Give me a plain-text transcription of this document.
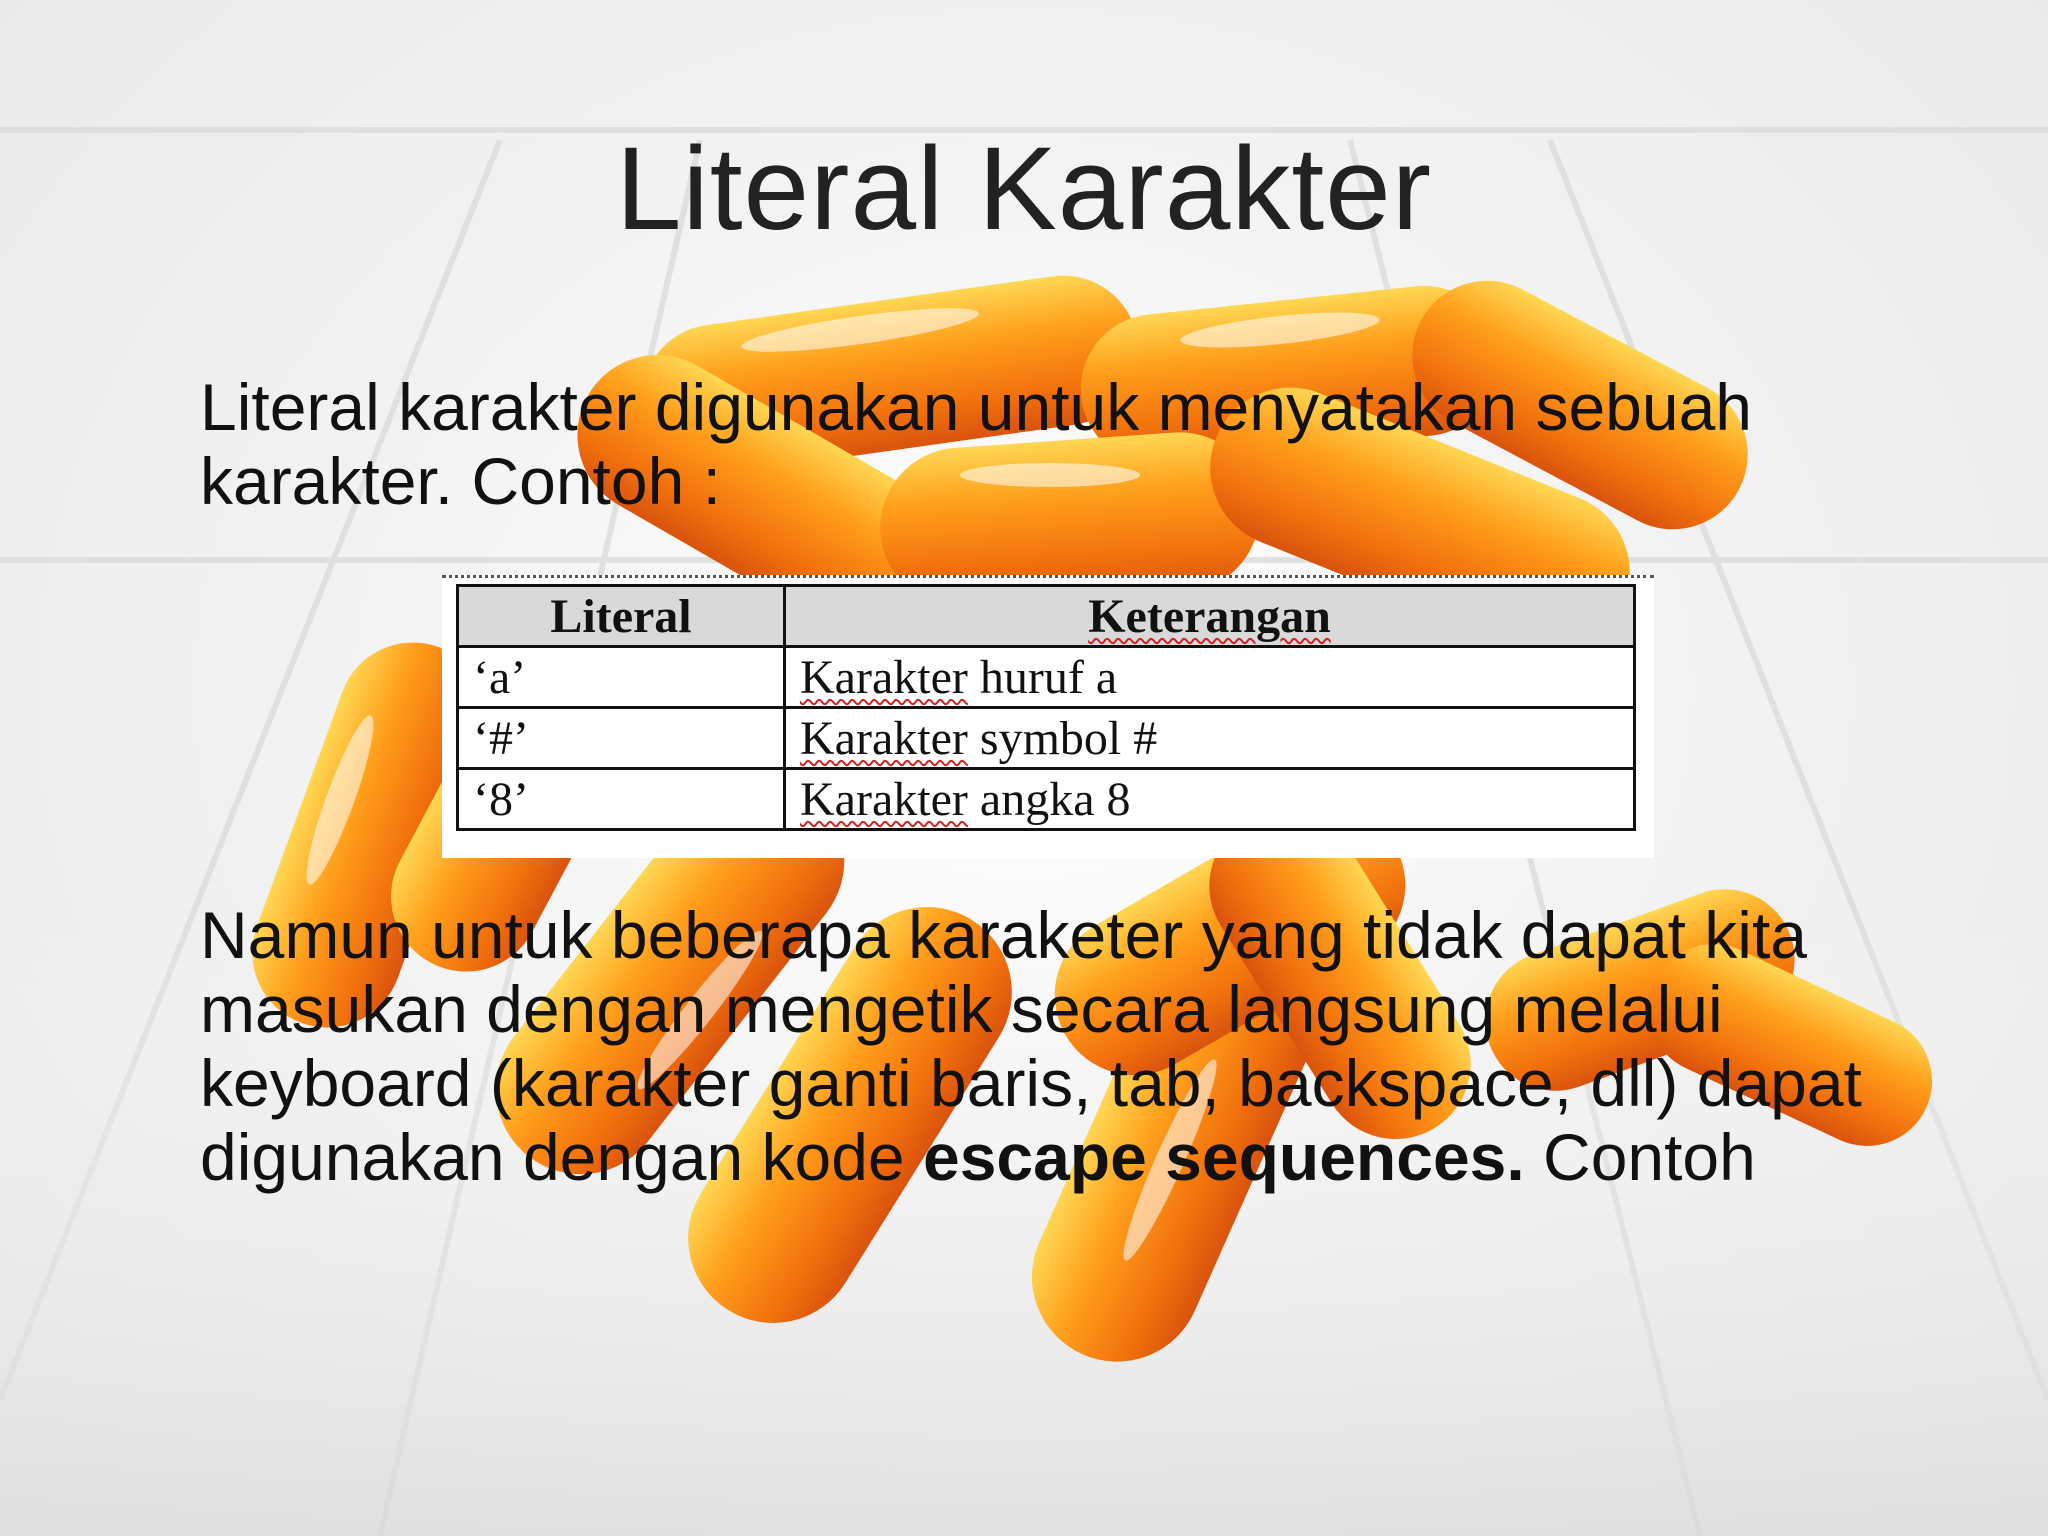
Literal Karakter
Literal karakter digunakan untuk menyatakan sebuah karakter. Contoh :
Literal	Keterangan
‘a’	Karakter huruf a
‘#’	Karakter symbol #
‘8’	Karakter angka 8
Namun untuk beberapa karaketer yang tidak dapat kita masukan dengan mengetik secara langsung melalui keyboard (karakter ganti baris, tab, backspace, dll) dapat digunakan dengan kode escape sequences. Contoh
